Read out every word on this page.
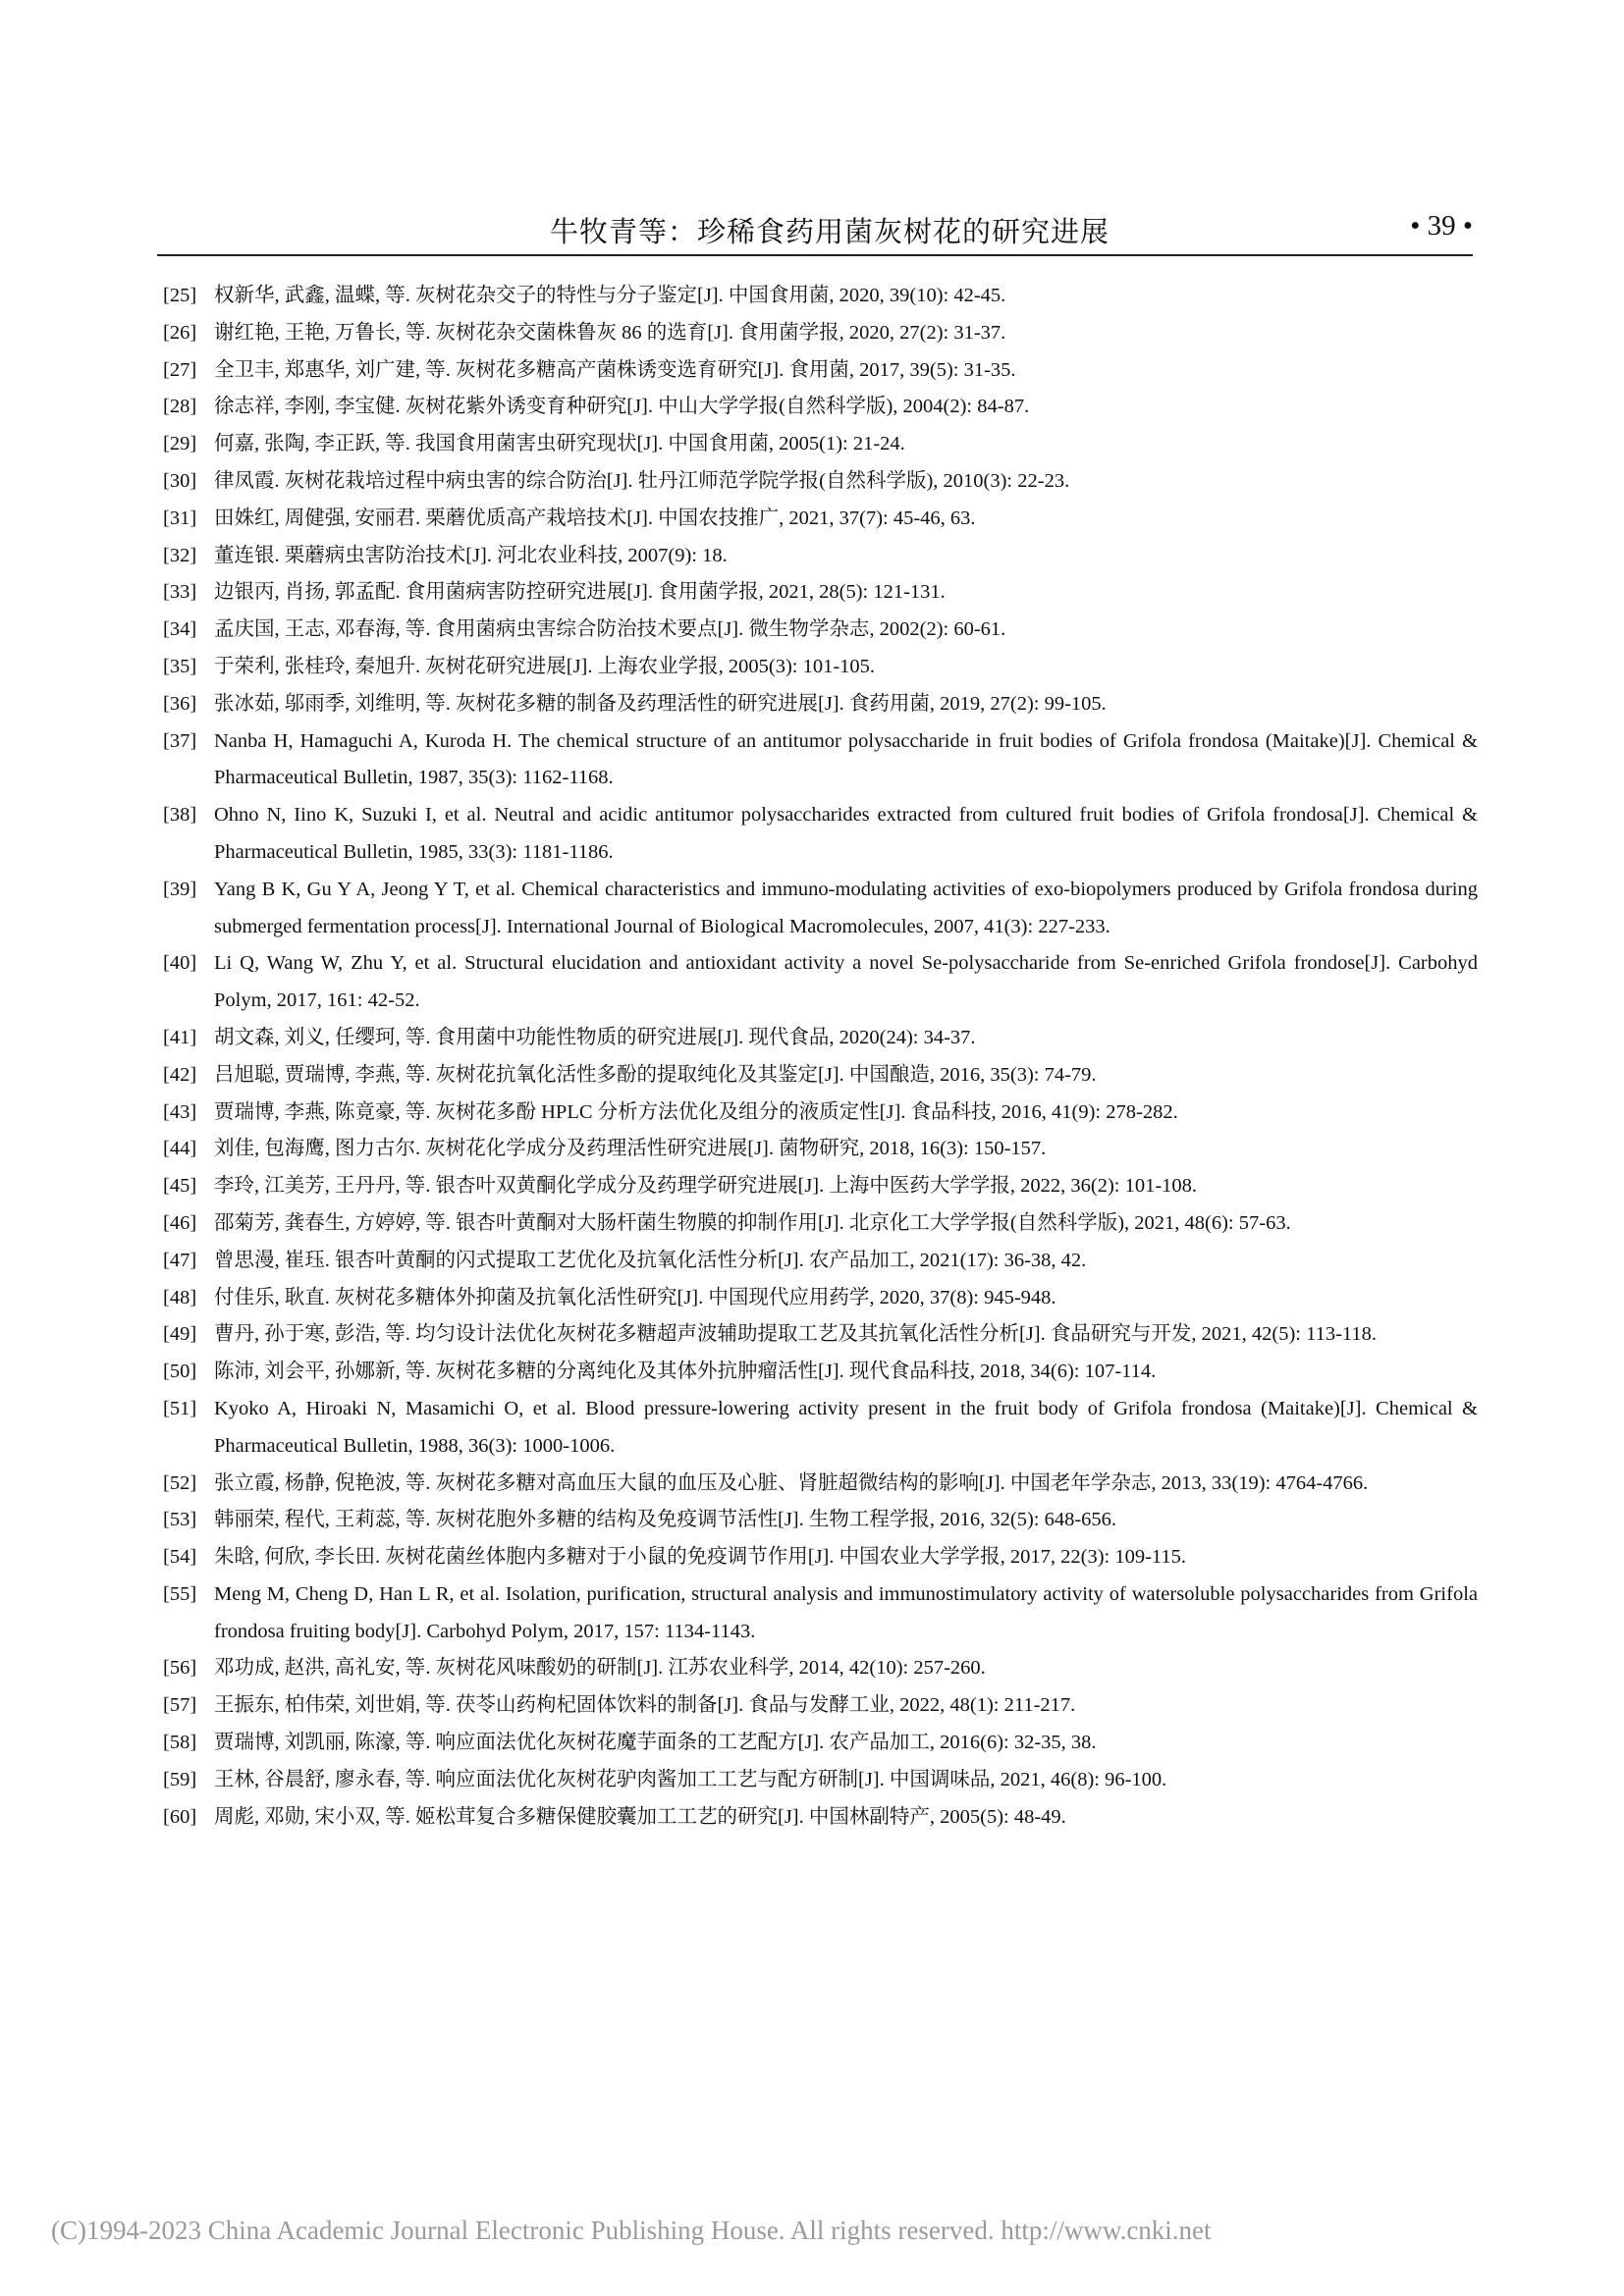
牛牧青等：珍稀食药用菌灰树花的研究进展	• 39 •
[25] 权新华, 武鑫, 温蝶, 等. 灰树花杂交子的特性与分子鉴定[J]. 中国食用菌, 2020, 39(10): 42-45.
[26] 谢红艳, 王艳, 万鲁长, 等. 灰树花杂交菌株鲁灰 86 的选育[J]. 食用菌学报, 2020, 27(2): 31-37.
[27] 全卫丰, 郑惠华, 刘广建, 等. 灰树花多糖高产菌株诱变选育研究[J]. 食用菌, 2017, 39(5): 31-35.
[28] 徐志祥, 李刚, 李宝健. 灰树花紫外诱变育种研究[J]. 中山大学学报(自然科学版), 2004(2): 84-87.
[29] 何嘉, 张陶, 李正跃, 等. 我国食用菌害虫研究现状[J]. 中国食用菌, 2005(1): 21-24.
[30] 律凤霞. 灰树花栽培过程中病虫害的综合防治[J]. 牡丹江师范学院学报(自然科学版), 2010(3): 22-23.
[31] 田姝红, 周健强, 安丽君. 栗蘑优质高产栽培技术[J]. 中国农技推广, 2021, 37(7): 45-46, 63.
[32] 董连银. 栗蘑病虫害防治技术[J]. 河北农业科技, 2007(9): 18.
[33] 边银丙, 肖扬, 郭孟配. 食用菌病害防控研究进展[J]. 食用菌学报, 2021, 28(5): 121-131.
[34] 孟庆国, 王志, 邓春海, 等. 食用菌病虫害综合防治技术要点[J]. 微生物学杂志, 2002(2): 60-61.
[35] 于荣利, 张桂玲, 秦旭升. 灰树花研究进展[J]. 上海农业学报, 2005(3): 101-105.
[36] 张冰茹, 邬雨季, 刘维明, 等. 灰树花多糖的制备及药理活性的研究进展[J]. 食药用菌, 2019, 27(2): 99-105.
[37] Nanba H, Hamaguchi A, Kuroda H. The chemical structure of an antitumor polysaccharide in fruit bodies of Grifola frondosa (Maitake)[J]. Chemical & Pharmaceutical Bulletin, 1987, 35(3): 1162-1168.
[38] Ohno N, Iino K, Suzuki I, et al. Neutral and acidic antitumor polysaccharides extracted from cultured fruit bodies of Grifola frondosa[J]. Chemical & Pharmaceutical Bulletin, 1985, 33(3): 1181-1186.
[39] Yang B K, Gu Y A, Jeong Y T, et al. Chemical characteristics and immuno-modulating activities of exo-biopolymers produced by Grifola frondosa during submerged fermentation process[J]. International Journal of Biological Macromolecules, 2007, 41(3): 227-233.
[40] Li Q, Wang W, Zhu Y, et al. Structural elucidation and antioxidant activity a novel Se-polysaccharide from Se-enriched Grifola frondose[J]. Carbohyd Polym, 2017, 161: 42-52.
[41] 胡文森, 刘义, 任缨珂, 等. 食用菌中功能性物质的研究进展[J]. 现代食品, 2020(24): 34-37.
[42] 吕旭聪, 贾瑞博, 李燕, 等. 灰树花抗氧化活性多酚的提取纯化及其鉴定[J]. 中国酿造, 2016, 35(3): 74-79.
[43] 贾瑞博, 李燕, 陈竟豪, 等. 灰树花多酚 HPLC 分析方法优化及组分的液质定性[J]. 食品科技, 2016, 41(9): 278-282.
[44] 刘佳, 包海鹰, 图力古尔. 灰树花化学成分及药理活性研究进展[J]. 菌物研究, 2018, 16(3): 150-157.
[45] 李玲, 江美芳, 王丹丹, 等. 银杏叶双黄酮化学成分及药理学研究进展[J]. 上海中医药大学学报, 2022, 36(2): 101-108.
[46] 邵菊芳, 龚春生, 方婷婷, 等. 银杏叶黄酮对大肠杆菌生物膜的抑制作用[J]. 北京化工大学学报(自然科学版), 2021, 48(6): 57-63.
[47] 曾思漫, 崔珏. 银杏叶黄酮的闪式提取工艺优化及抗氧化活性分析[J]. 农产品加工, 2021(17): 36-38, 42.
[48] 付佳乐, 耿直. 灰树花多糖体外抑菌及抗氧化活性研究[J]. 中国现代应用药学, 2020, 37(8): 945-948.
[49] 曹丹, 孙于寒, 彭浩, 等. 均匀设计法优化灰树花多糖超声波辅助提取工艺及其抗氧化活性分析[J]. 食品研究与开发, 2021, 42(5): 113-118.
[50] 陈沛, 刘会平, 孙娜新, 等. 灰树花多糖的分离纯化及其体外抗肿瘤活性[J]. 现代食品科技, 2018, 34(6): 107-114.
[51] Kyoko A, Hiroaki N, Masamichi O, et al. Blood pressure-lowering activity present in the fruit body of Grifola frondosa (Maitake)[J]. Chemical & Pharmaceutical Bulletin, 1988, 36(3): 1000-1006.
[52] 张立霞, 杨静, 倪艳波, 等. 灰树花多糖对高血压大鼠的血压及心脏、肾脏超微结构的影响[J]. 中国老年学杂志, 2013, 33(19): 4764-4766.
[53] 韩丽荣, 程代, 王莉蕊, 等. 灰树花胞外多糖的结构及免疫调节活性[J]. 生物工程学报, 2016, 32(5): 648-656.
[54] 朱晗, 何欣, 李长田. 灰树花菌丝体胞内多糖对于小鼠的免疫调节作用[J]. 中国农业大学学报, 2017, 22(3): 109-115.
[55] Meng M, Cheng D, Han L R, et al. Isolation, purification, structural analysis and immunostimulatory activity of watersoluble polysaccharides from Grifola frondosa fruiting body[J]. Carbohyd Polym, 2017, 157: 1134-1143.
[56] 邓功成, 赵洪, 高礼安, 等. 灰树花风味酸奶的研制[J]. 江苏农业科学, 2014, 42(10): 257-260.
[57] 王振东, 柏伟荣, 刘世娟, 等. 茯苓山药枸杞固体饮料的制备[J]. 食品与发酵工业, 2022, 48(1): 211-217.
[58] 贾瑞博, 刘凯丽, 陈濠, 等. 响应面法优化灰树花魔芋面条的工艺配方[J]. 农产品加工, 2016(6): 32-35, 38.
[59] 王林, 谷晨舒, 廖永春, 等. 响应面法优化灰树花驴肉酱加工工艺与配方研制[J]. 中国调味品, 2021, 46(8): 96-100.
[60] 周彪, 邓勋, 宋小双, 等. 姬松茸复合多糖保健胶囊加工工艺的研究[J]. 中国林副特产, 2005(5): 48-49.
(C)1994-2023 China Academic Journal Electronic Publishing House. All rights reserved. http://www.cnki.net
